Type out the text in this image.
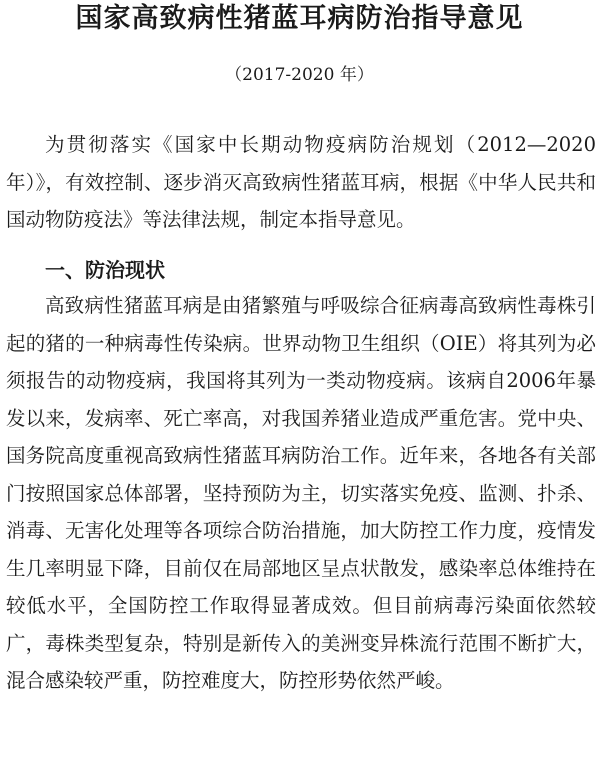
国家高致病性猪蓝耳病防治指导意见
（2017-2020 年）

为贯彻落实《国家中长期动物疫病防治规划（2012—2020年）》，有效控制、逐步消灭高致病性猪蓝耳病，根据《中华人民共和国动物防疫法》等法律法规，制定本指导意见。

一、防治现状

高致病性猪蓝耳病是由猪繁殖与呼吸综合征病毒高致病性毒株引起的猪的一种病毒性传染病。世界动物卫生组织（OIE）将其列为必须报告的动物疫病，我国将其列为一类动物疫病。该病自2006年暴发以来，发病率、死亡率高，对我国养猪业造成严重危害。党中央、国务院高度重视高致病性猪蓝耳病防治工作。近年来，各地各有关部门按照国家总体部署，坚持预防为主，切实落实免疫、监测、扑杀、消毒、无害化处理等各项综合防治措施，加大防控工作力度，疫情发生几率明显下降，目前仅在局部地区呈点状散发，感染率总体维持在较低水平，全国防控工作取得显著成效。但目前病毒污染面依然较广，毒株类型复杂，特别是新传入的美洲变异株流行范围不断扩大，混合感染较严重，防控难度大，防控形势依然严峻。
